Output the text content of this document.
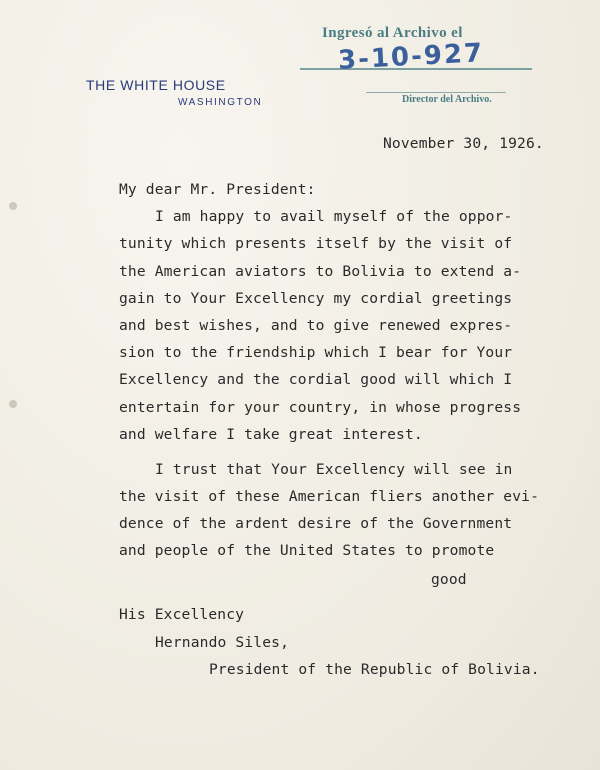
THE WHITE HOUSE
WASHINGTON
Ingresó al Archivo el
3-10-927
Director del Archivo.
November 30, 1926.
My dear Mr. President:
I am happy to avail myself of the oppor-
tunity which presents itself by the visit of
the American aviators to Bolivia to extend a-
gain to Your Excellency my cordial greetings
and best wishes, and to give renewed expres-
sion to the friendship which I bear for Your
Excellency and the cordial good will which I
entertain for your country, in whose progress
and welfare I take great interest.
I trust that Your Excellency will see in
the visit of these American fliers another evi-
dence of the ardent desire of the Government
and people of the United States to promote
good
His Excellency
Hernando Siles,
President of the Republic of Bolivia.
